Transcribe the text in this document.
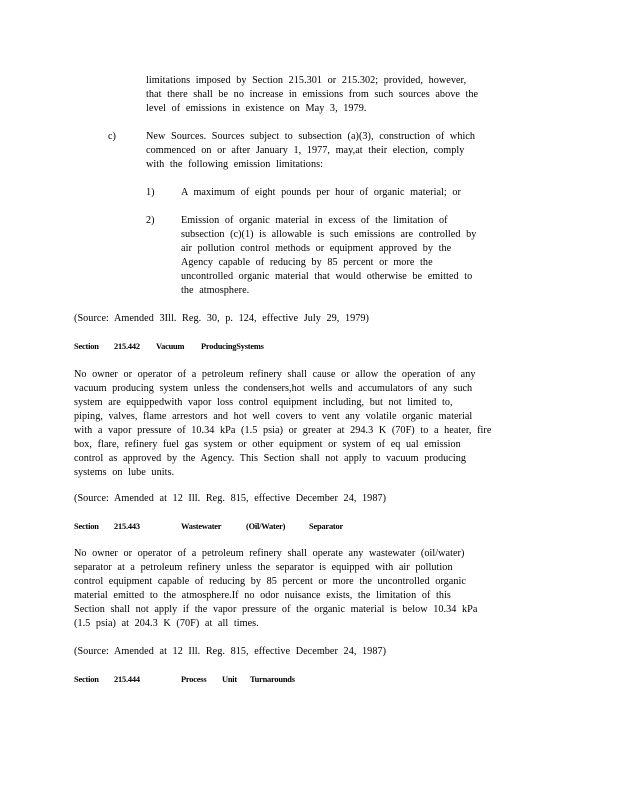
limitations imposed by Section 215.301 or 215.302; provided, however,
that there shall be no increase in emissions from such sources above the
level of emissions in existence on May 3, 1979.
c)	New Sources. Sources subject to subsection (a)(3), construction of which
commenced on or after January 1, 1977, may,at their election, comply
with the following emission limitations:
1)	A maximum of eight pounds per hour of organic material; or
2)	Emission of organic material in excess of the limitation of
subsection (c)(1) is allowable is such emissions are controlled by
air pollution control methods or equipment approved by the
Agency capable of reducing by 85 percent or more the
uncontrolled organic material that would otherwise be emitted to
the atmosphere.
(Source: Amended 3Ill. Reg. 30, p. 124, effective July 29, 1979)
Section 215.442 Vacuum ProducingSystems
No owner or operator of a petroleum refinery shall cause or allow the operation of any
vacuum producing system unless the condensers,hot wells and accumulators of any such
system are equippedwith vapor loss control equipment including, but not limited to,
piping, valves, flame arrestors and hot well covers to vent any volatile organic material
with a vapor pressure of 10.34 kPa (1.5 psia) or greater at 294.3 K (70F) to a heater, fire
box, flare, refinery fuel gas system or other equipment or system of eq ual emission
control as approved by the Agency. This Section shall not apply to vacuum producing
systems on lube units.
(Source: Amended at 12 Ill. Reg. 815, effective December 24, 1987)
Section 215.443	Wastewater	(Oil/Water)	Separator
No owner or operator of a petroleum refinery shall operate any wastewater (oil/water)
separator at a petroleum refinery unless the separator is equipped with air pollution
control equipment capable of reducing by 85 percent or more the uncontrolled organic
material emitted to the atmosphere.If no odor nuisance exists, the limitation of this
Section shall not apply if the vapor pressure of the organic material is below 10.34 kPa
(1.5 psia) at 204.3 K (70F) at all times.
(Source: Amended at 12 Ill. Reg. 815, effective December 24, 1987)
Section 215.444	Process Unit Turnarounds
